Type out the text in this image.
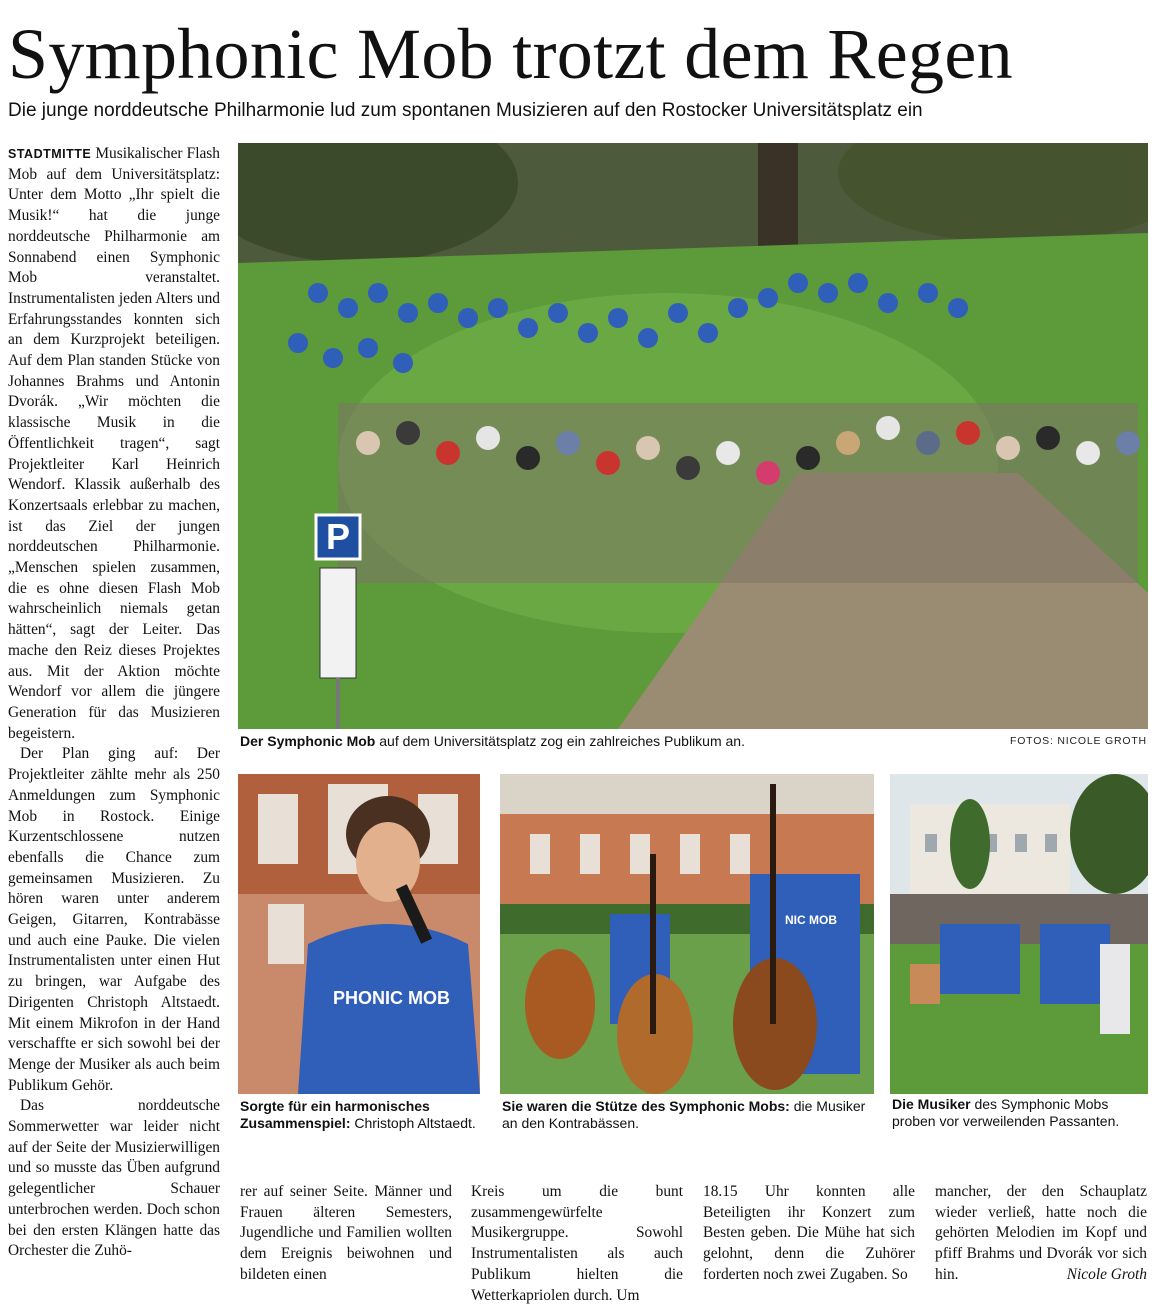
Symphonic Mob trotzt dem Regen
Die junge norddeutsche Philharmonie lud zum spontanen Musizieren auf den Rostocker Universitätsplatz ein

STADTMITTE Musikalischer Flash Mob auf dem Universitätsplatz: Unter dem Motto „Ihr spielt die Musik!“ hat die junge norddeutsche Philharmonie am Sonnabend einen Symphonic Mob veranstaltet. Instrumentalisten jeden Alters und Erfahrungsstandes konnten sich an dem Kurzprojekt beteiligen. Auf dem Plan standen Stücke von Johannes Brahms und Antonin Dvorák. „Wir möchten die klassische Musik in die Öffentlichkeit tragen“, sagt Projektleiter Karl Heinrich Wendorf. Klassik außerhalb des Konzertsaals erlebbar zu machen, ist das Ziel der jungen norddeutschen Philharmonie. „Menschen spielen zusammen, die es ohne diesen Flash Mob wahrscheinlich niemals getan hätten“, sagt der Leiter. Das mache den Reiz dieses Projektes aus. Mit der Aktion möchte Wendorf vor allem die jüngere Generation für das Musizieren begeistern.

Der Plan ging auf: Der Projektleiter zählte mehr als 250 Anmeldungen zum Symphonic Mob in Rostock. Einige Kurzentschlossene nutzen ebenfalls die Chance zum gemeinsamen Musizieren. Zu hören waren unter anderem Geigen, Gitarren, Kontrabässe und auch eine Pauke. Die vielen Instrumentalisten unter einen Hut zu bringen, war Aufgabe des Dirigenten Christoph Altstaedt. Mit einem Mikrofon in der Hand verschaffte er sich sowohl bei der Menge der Musiker als auch beim Publikum Gehör.

Das norddeutsche Sommerwetter war leider nicht auf der Seite der Musizierwilligen und so musste das Üben aufgrund gelegentlicher Schauer unterbrochen werden. Doch schon bei den ersten Klängen hatte das Orchester die Zuhö-

P
Der Symphonic Mob auf dem Universitätsplatz zog ein zahlreiches Publikum an.	FOTOS: NICOLE GROTH
PHONIC MOB
Sorgte für ein harmonisches Zusammenspiel: Christoph Altstaedt.
NIC MOB
Sie waren die Stütze des Symphonic Mobs: die Musiker an den Kontrabässen.
Die Musiker des Symphonic Mobs proben vor verweilenden Passanten.
rer auf seiner Seite. Männer und Frauen älteren Semesters, Jugendliche und Familien wollten dem Ereignis beiwohnen und bildeten einen
Kreis um die bunt zusammengewürfelte Musikergruppe. Sowohl Instrumentalisten als auch Publikum hielten die Wetterkapriolen durch. Um
18.15 Uhr konnten alle Beteiligten ihr Konzert zum Besten geben. Die Mühe hat sich gelohnt, denn die Zuhörer forderten noch zwei Zugaben. So
mancher, der den Schauplatz wieder verließ, hatte noch die gehörten Melodien im Kopf und pfiff Brahms und Dvorák vor sich hin.	Nicole Groth
